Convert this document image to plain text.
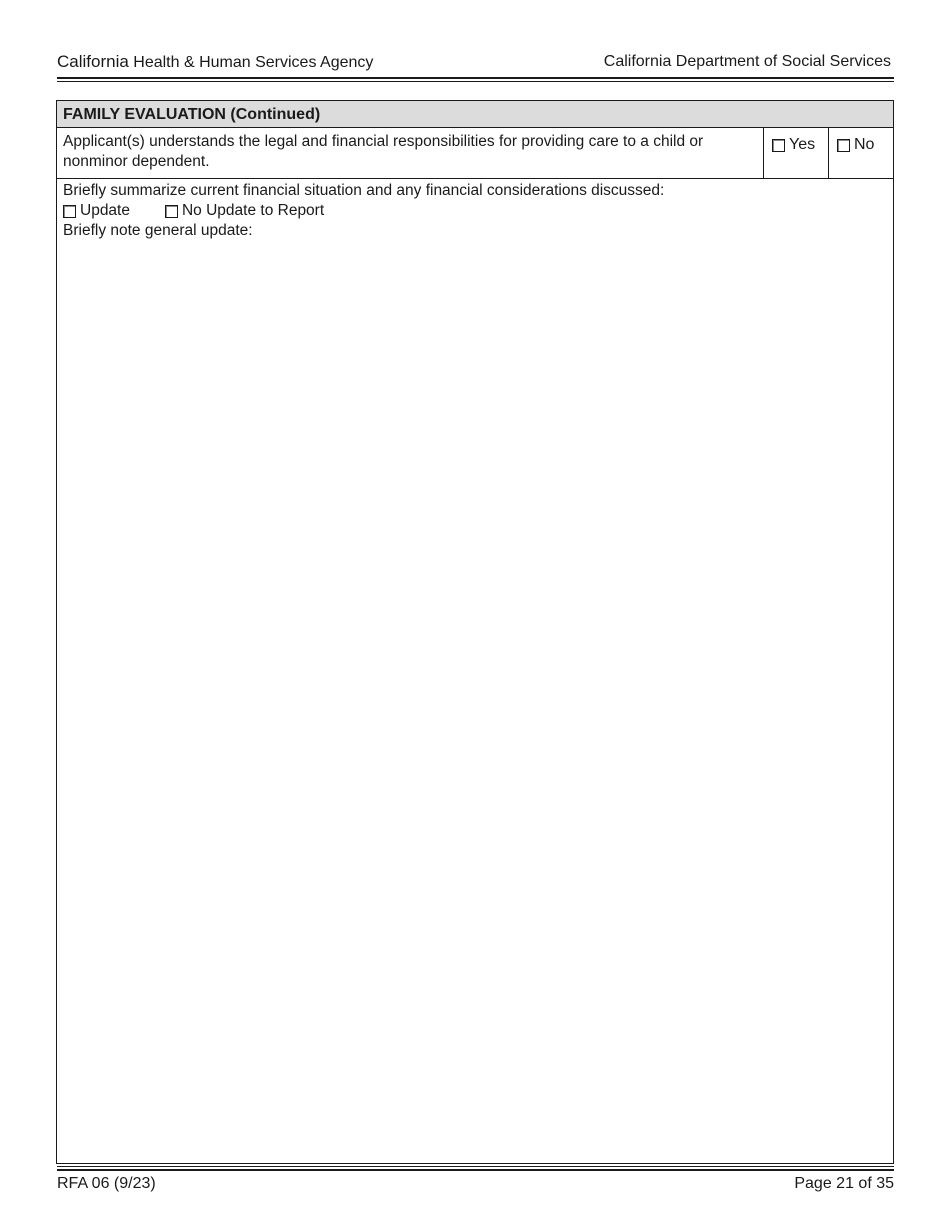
California Health & Human Services Agency	California Department of Social Services
FAMILY EVALUATION (Continued)
Applicant(s) understands the legal and financial responsibilities for providing care to a child or nonminor dependent.
Yes No
Briefly summarize current financial situation and any financial considerations discussed:
Update	No Update to Report
Briefly note general update:
RFA 06 (9/23)	Page 21 of 35
